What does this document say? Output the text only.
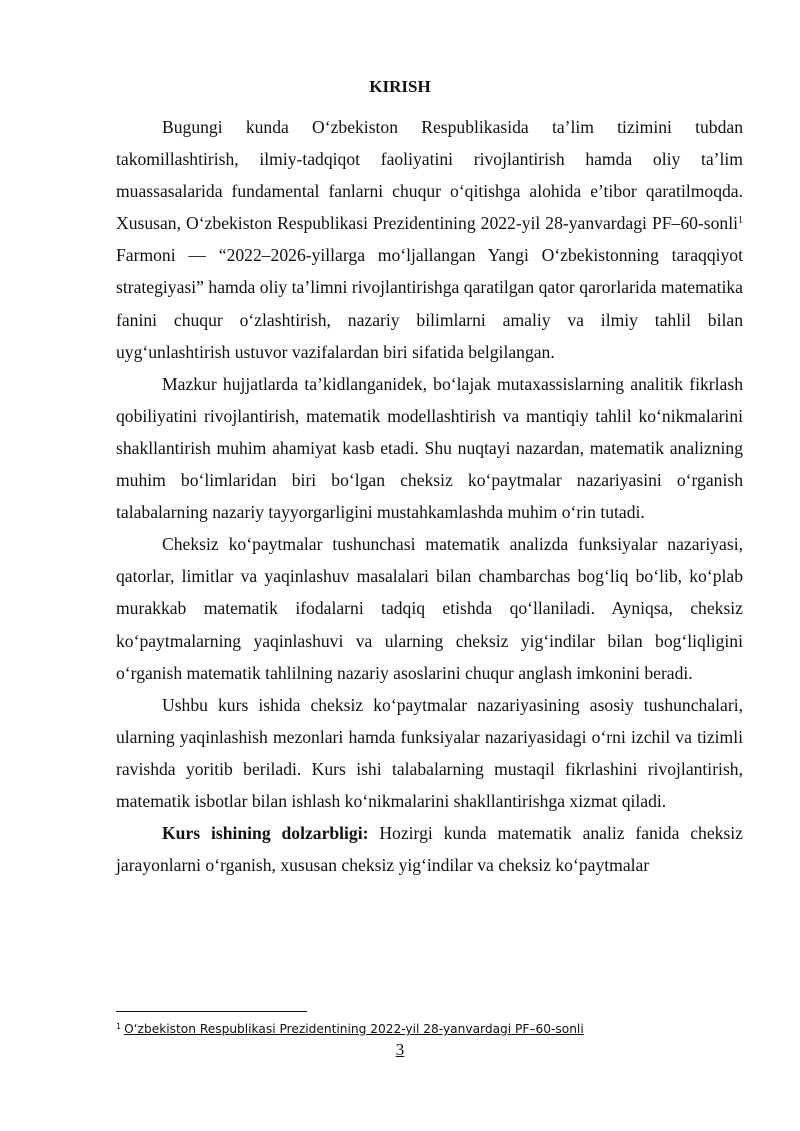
KIRISH

Bugungi kunda O‘zbekiston Respublikasida ta’lim tizimini tubdan takomillashtirish, ilmiy-tadqiqot faoliyatini rivojlantirish hamda oliy ta’lim muassasalarida fundamental fanlarni chuqur o‘qitishga alohida e’tibor qaratilmoqda. Xususan, O‘zbekiston Respublikasi Prezidentining 2022-yil 28-yanvardagi PF–60-sonli$^1$ Farmoni — “2022–2026-yillarga mo‘ljallangan Yangi O‘zbekistonning taraqqiyot strategiyasi” hamda oliy ta’limni rivojlantirishga qaratilgan qator qarorlarida matematika fanini chuqur o‘zlashtirish, nazariy bilimlarni amaliy va ilmiy tahlil bilan uyg‘unlashtirish ustuvor vazifalardan biri sifatida belgilangan.

Mazkur hujjatlarda ta’kidlanganidek, bo‘lajak mutaxassislarning analitik fikrlash qobiliyatini rivojlantirish, matematik modellashtirish va mantiqiy tahlil ko‘nikmalarini shakllantirish muhim ahamiyat kasb etadi. Shu nuqtayi nazardan, matematik analizning muhim bo‘limlaridan biri bo‘lgan cheksiz ko‘paytmalar nazariyasini o‘rganish talabalarning nazariy tayyorgarligini mustahkamlashda muhim o‘rin tutadi.

Cheksiz ko‘paytmalar tushunchasi matematik analizda funksiyalar nazariyasi, qatorlar, limitlar va yaqinlashuv masalalari bilan chambarchas bog‘liq bo‘lib, ko‘plab murakkab matematik ifodalarni tadqiq etishda qo‘llaniladi. Ayniqsa, cheksiz ko‘paytmalarning yaqinlashuvi va ularning cheksiz yig‘indilar bilan bog‘liqligini o‘rganish matematik tahlilning nazariy asoslarini chuqur anglash imkonini beradi.

Ushbu kurs ishida cheksiz ko‘paytmalar nazariyasining asosiy tushunchalari, ularning yaqinlashish mezonlari hamda funksiyalar nazariyasidagi o‘rni izchil va tizimli ravishda yoritib beriladi. Kurs ishi talabalarning mustaqil fikrlashini rivojlantirish, matematik isbotlar bilan ishlash ko‘nikmalarini shakllantirishga xizmat qiladi.

Kurs ishining dolzarbligi: Hozirgi kunda matematik analiz fanida cheksiz jarayonlarni o‘rganish, xususan cheksiz yig‘indilar va cheksiz ko‘paytmalar

$^1$ O‘zbekiston Respublikasi Prezidentining 2022-yil 28-yanvardagi PF–60-sonli
3
